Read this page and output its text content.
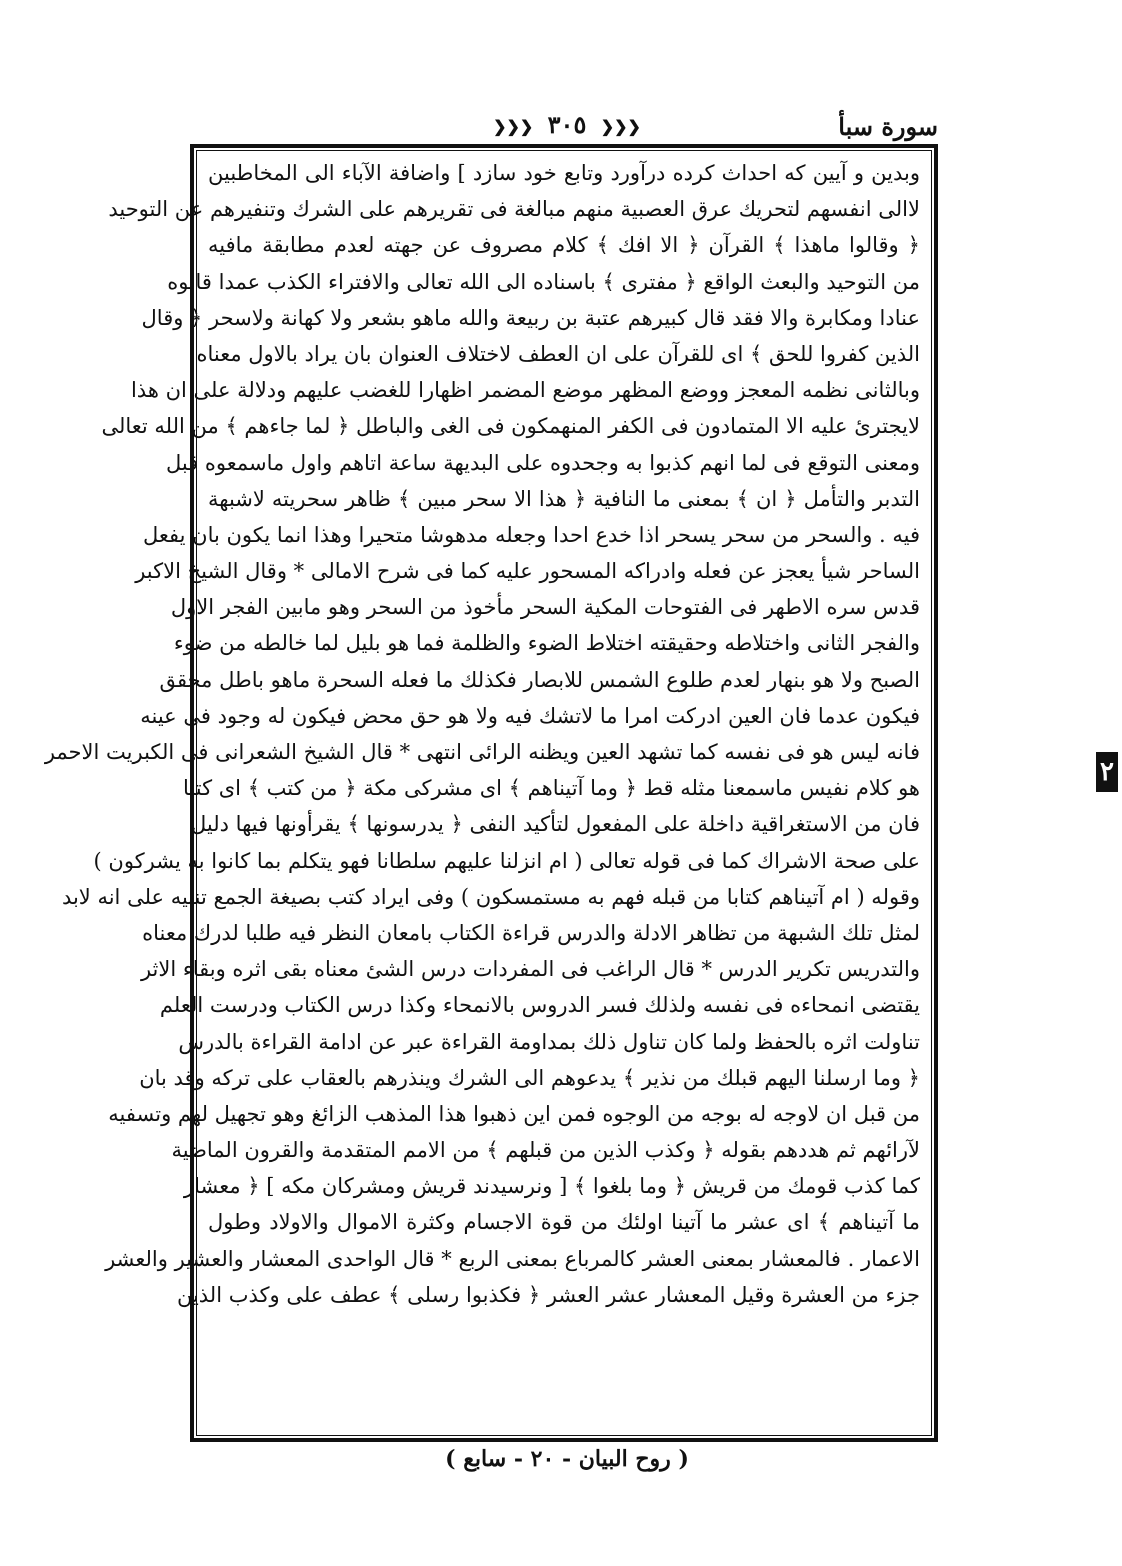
سورة سبأ
❮❮❮ ٣٠٥ ❮❮❮
وبدين و آيين كه احداث كرده درآورد وتابع خود سازد ] واضافة الآباء الى المخاطبين
لاالى انفسهم لتحريك عرق العصبية منهم مبالغة فى تقريرهم على الشرك وتنفيرهم عن التوحيد
﴿ وقالوا ماهذا ﴾ القرآن ﴿ الا افك ﴾ كلام مصروف عن جهته لعدم مطابقة مافيه
من التوحيد والبعث الواقع ﴿ مفترى ﴾ باسناده الى الله تعالى والافتراء الكذب عمدا قالوه
عنادا ومكابرة والا فقد قال كبيرهم عتبة بن ربيعة والله ماهو بشعر ولا كهانة ولاسحر ﴿ وقال
الذين كفروا للحق ﴾ اى للقرآن على ان العطف لاختلاف العنوان بان يراد بالاول معناه
وبالثانى نظمه المعجز ووضع المظهر موضع المضمر اظهارا للغضب عليهم ودلالة على ان هذا
لايجترئ عليه الا المتمادون فى الكفر المنهمكون فى الغى والباطل ﴿ لما جاءهم ﴾ من الله تعالى
ومعنى التوقع فى لما انهم كذبوا به وجحدوه على البديهة ساعة اتاهم واول ماسمعوه قبل
التدبر والتأمل ﴿ ان ﴾ بمعنى ما النافية ﴿ هذا الا سحر مبين ﴾ ظاهر سحريته لاشبهة
فيه . والسحر من سحر يسحر اذا خدع احدا وجعله مدهوشا متحيرا وهذا انما يكون بان يفعل
الساحر شيأ يعجز عن فعله وادراكه المسحور عليه كما فى شرح الامالى * وقال الشيخ الاكبر
قدس سره الاطهر فى الفتوحات المكية السحر مأخوذ من السحر وهو مابين الفجر الاول
والفجر الثانى واختلاطه وحقيقته اختلاط الضوء والظلمة فما هو بليل لما خالطه من ضوء
الصبح ولا هو بنهار لعدم طلوع الشمس للابصار فكذلك ما فعله السحرة ماهو باطل محقق
فيكون عدما فان العين ادركت امرا ما لاتشك فيه ولا هو حق محض فيكون له وجود فى عينه
فانه ليس هو فى نفسه كما تشهد العين ويظنه الرائى انتهى * قال الشيخ الشعرانى فى الكبريت الاحمر
هو كلام نفيس ماسمعنا مثله قط ﴿ وما آتيناهم ﴾ اى مشركى مكة ﴿ من كتب ﴾ اى كتبا
فان من الاستغراقية داخلة على المفعول لتأكيد النفى ﴿ يدرسونها ﴾ يقرأونها فيها دليل
على صحة الاشراك كما فى قوله تعالى ( ام انزلنا عليهم سلطانا فهو يتكلم بما كانوا به يشركون )
وقوله ( ام آتيناهم كتابا من قبله فهم به مستمسكون ) وفى ايراد كتب بصيغة الجمع تنبيه على انه لابد
لمثل تلك الشبهة من تظاهر الادلة والدرس قراءة الكتاب بامعان النظر فيه طلبا لدرك معناه
والتدريس تكرير الدرس * قال الراغب فى المفردات درس الشئ معناه بقى اثره وبقاء الاثر
يقتضى انمحاءه فى نفسه ولذلك فسر الدروس بالانمحاء وكذا درس الكتاب ودرست العلم
تناولت اثره بالحفظ ولما كان تناول ذلك بمداومة القراءة عبر عن ادامة القراءة بالدرس
﴿ وما ارسلنا اليهم قبلك من نذير ﴾ يدعوهم الى الشرك وينذرهم بالعقاب على تركه وقد بان
من قبل ان لاوجه له بوجه من الوجوه فمن اين ذهبوا هذا المذهب الزائغ وهو تجهيل لهم وتسفيه
لآرائهم ثم هددهم بقوله ﴿ وكذب الذين من قبلهم ﴾ من الامم المتقدمة والقرون الماضية
كما كذب قومك من قريش ﴿ وما بلغوا ﴾ [ ونرسيدند قريش ومشركان مكه ] ﴿ معشار
ما آتيناهم ﴾ اى عشر ما آتينا اولئك من قوة الاجسام وكثرة الاموال والاولاد وطول
الاعمار . فالمعشار بمعنى العشر كالمرباع بمعنى الربع * قال الواحدى المعشار والعشير والعشر
جزء من العشرة وقيل المعشار عشر العشر ﴿ فكذبوا رسلى ﴾ عطف على وكذب الذين
( روح البيان - ٢٠ - سابع )
٢
